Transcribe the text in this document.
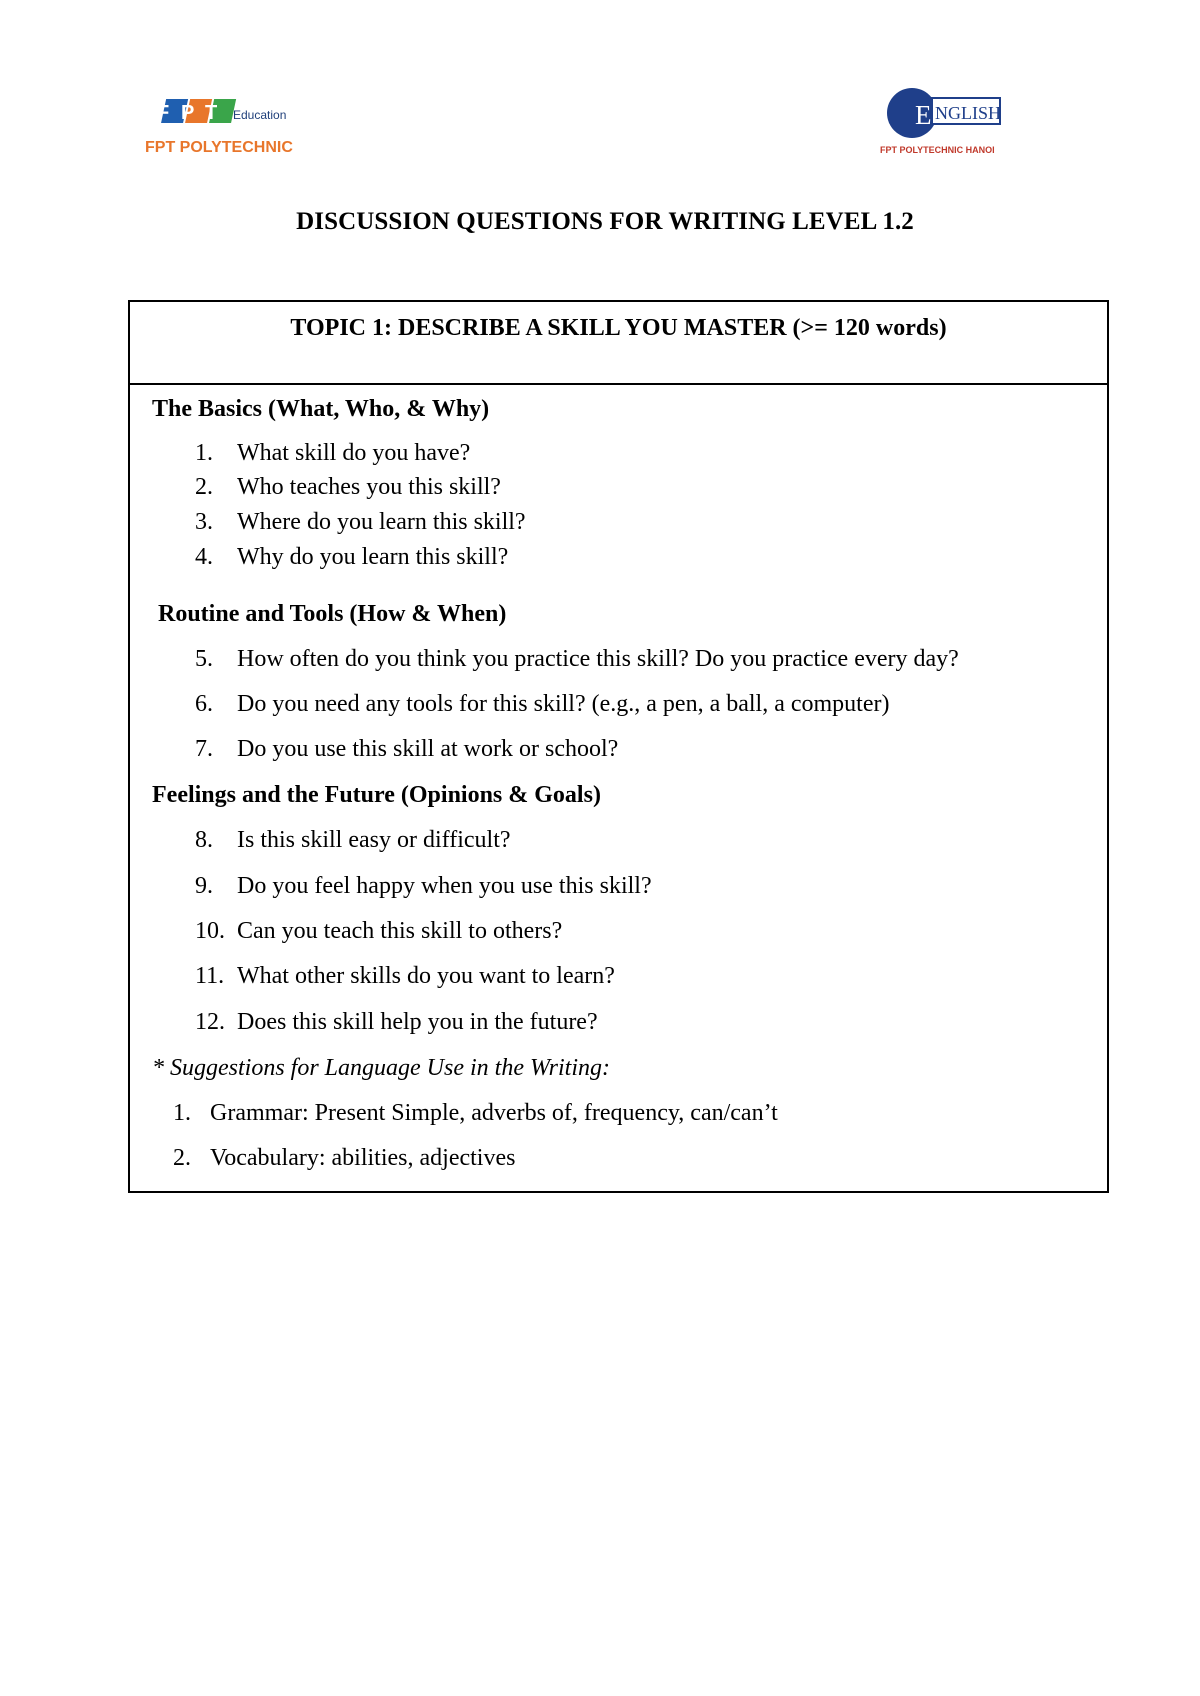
F P T Education
FPT POLYTECHNIC
E NGLISH
FPT POLYTECHNIC HANOI
DISCUSSION QUESTIONS FOR WRITING LEVEL 1.2
TOPIC 1: DESCRIBE A SKILL YOU MASTER (>= 120 words)
The Basics (What, Who, & Why)
1. What skill do you have?
2. Who teaches you this skill?
3. Where do you learn this skill?
4. Why do you learn this skill?
Routine and Tools (How & When)
5. How often do you think you practice this skill? Do you practice every day?
6. Do you need any tools for this skill? (e.g., a pen, a ball, a computer)
7. Do you use this skill at work or school?
Feelings and the Future (Opinions & Goals)
8. Is this skill easy or difficult?
9. Do you feel happy when you use this skill?
10. Can you teach this skill to others?
11. What other skills do you want to learn?
12. Does this skill help you in the future?
* Suggestions for Language Use in the Writing:
1. Grammar: Present Simple, adverbs of, frequency, can/can’t
2. Vocabulary: abilities, adjectives
